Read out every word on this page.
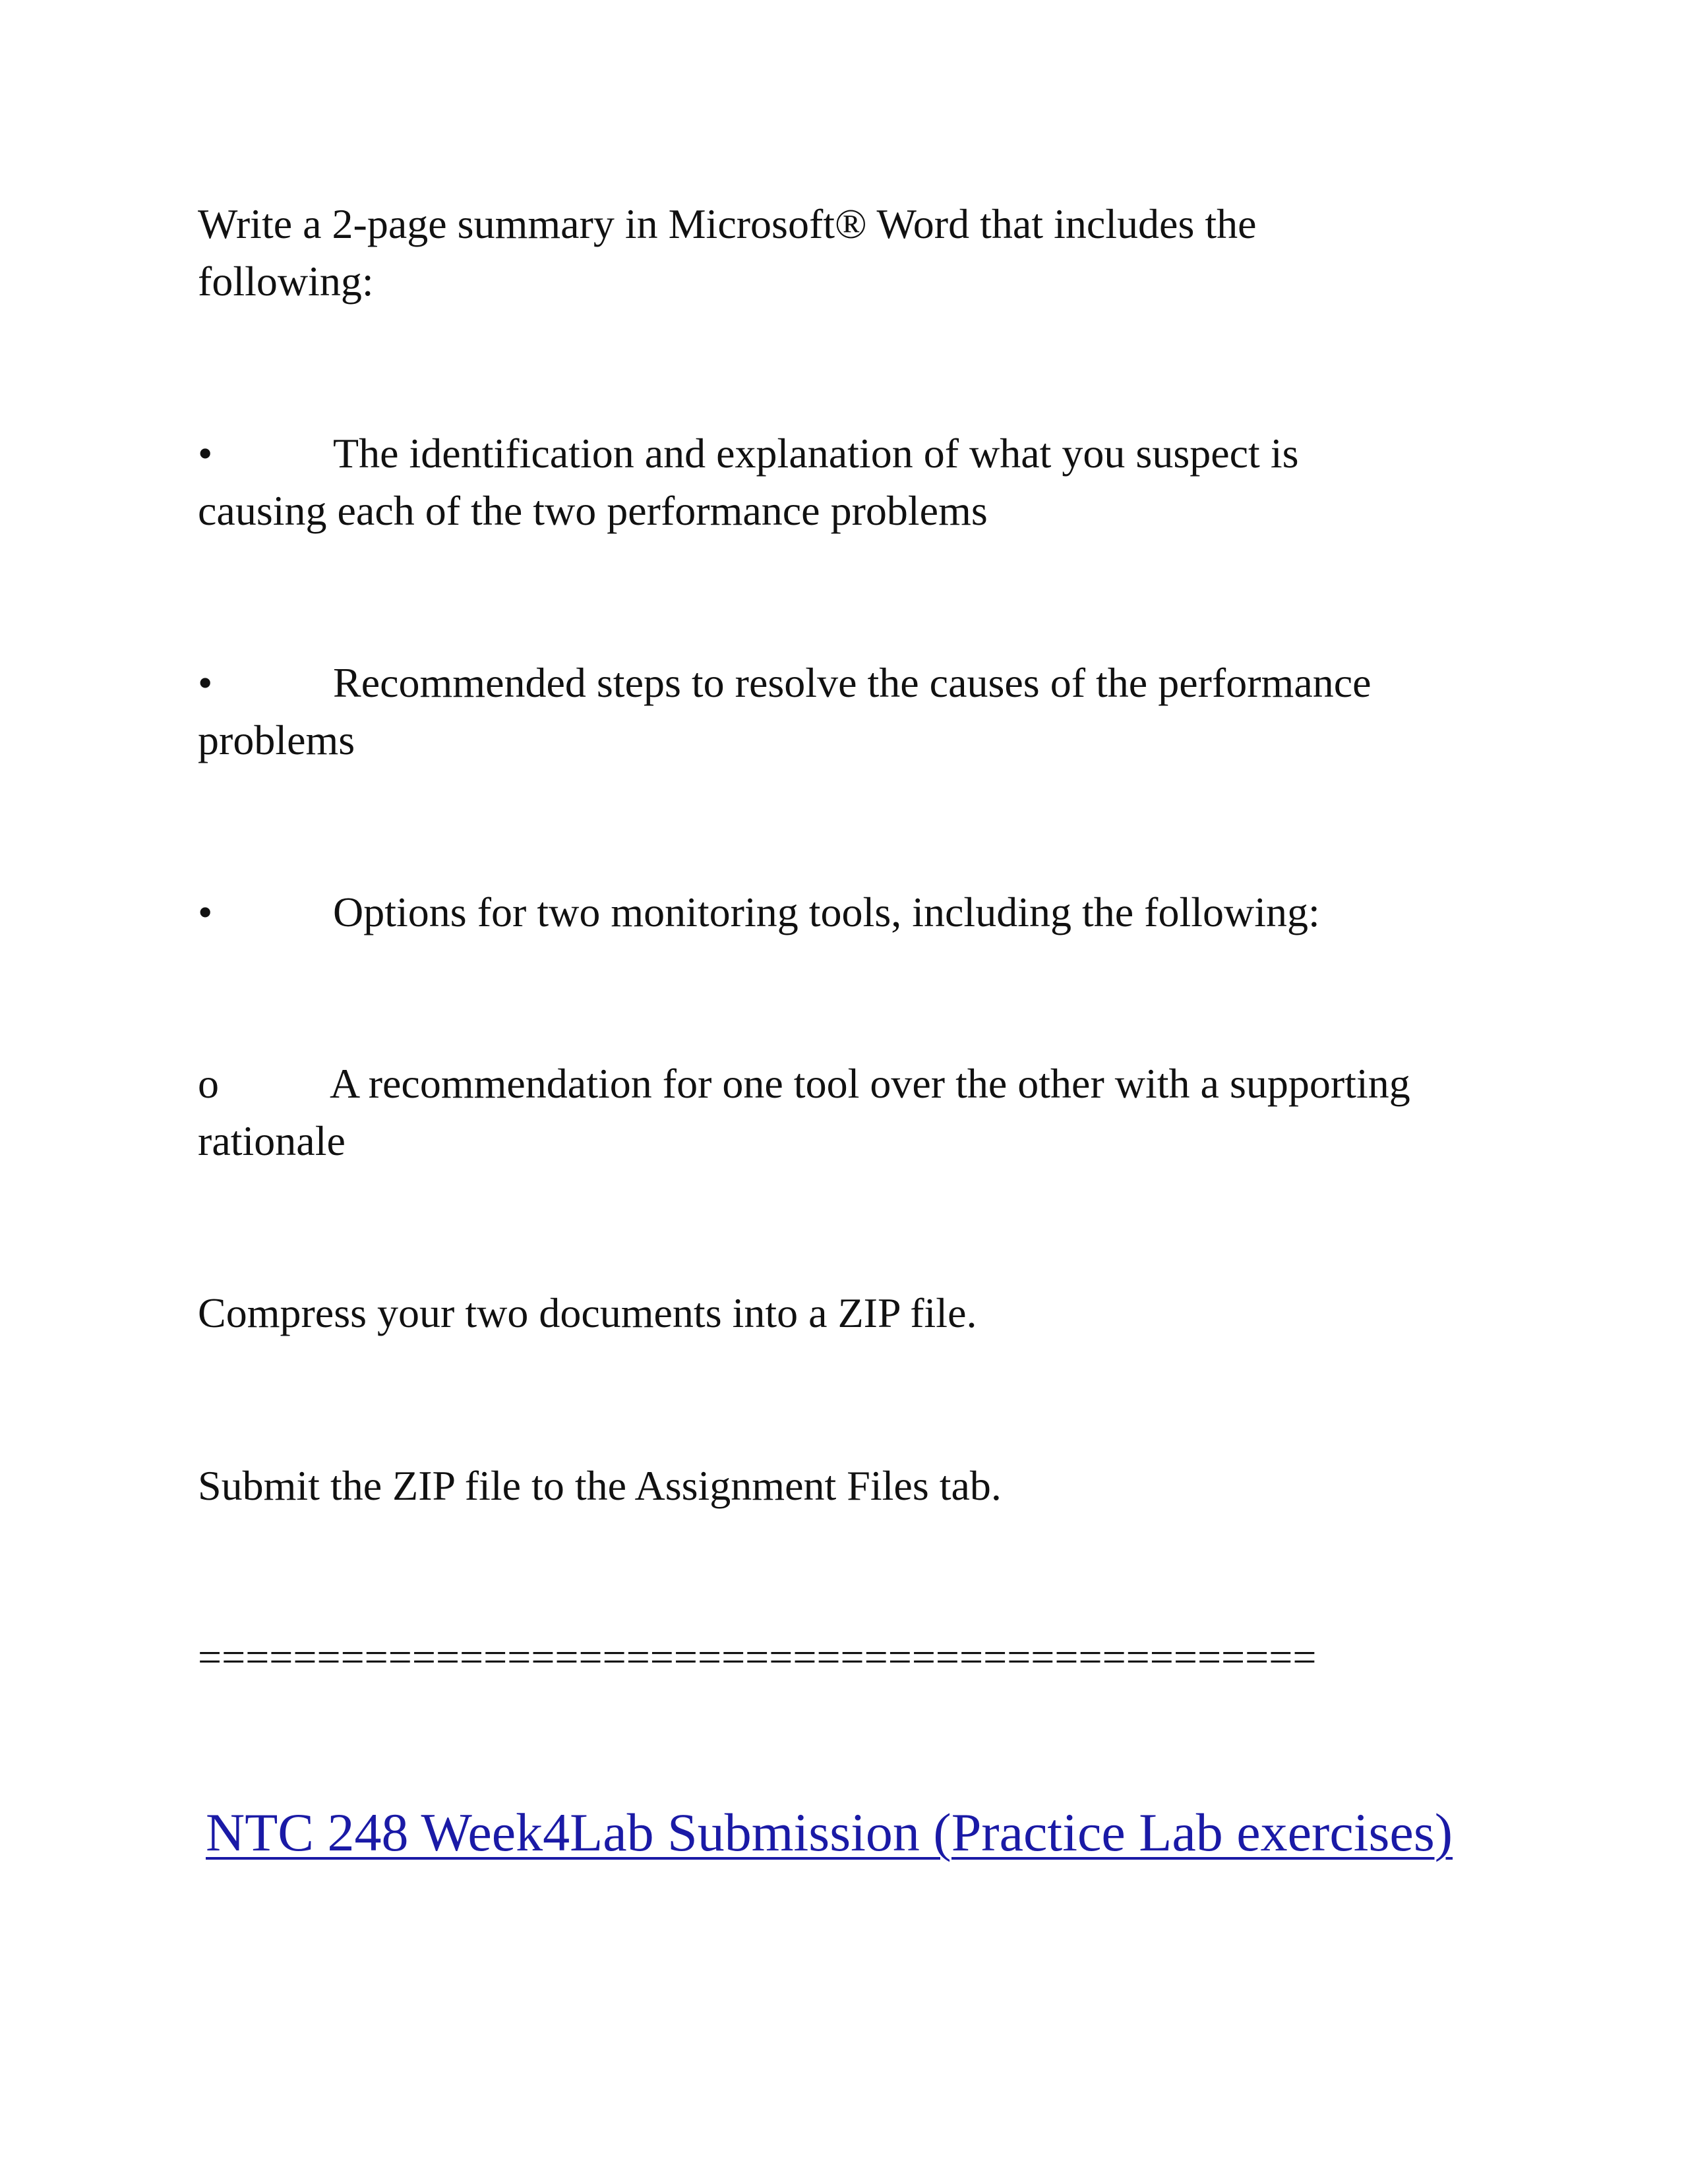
Write a 2-page summary in Microsoft® Word that includes the
following:

•	The identification and explanation of what you suspect is
causing each of the two performance problems

•	Recommended steps to resolve the causes of the performance
problems

•	Options for two monitoring tools, including the following:

o	A recommendation for one tool over the other with a supporting
rationale

Compress your two documents into a ZIP file.

Submit the ZIP file to the Assignment Files tab.

===============================================

NTC 248 Week4Lab Submission (Practice Lab exercises)
